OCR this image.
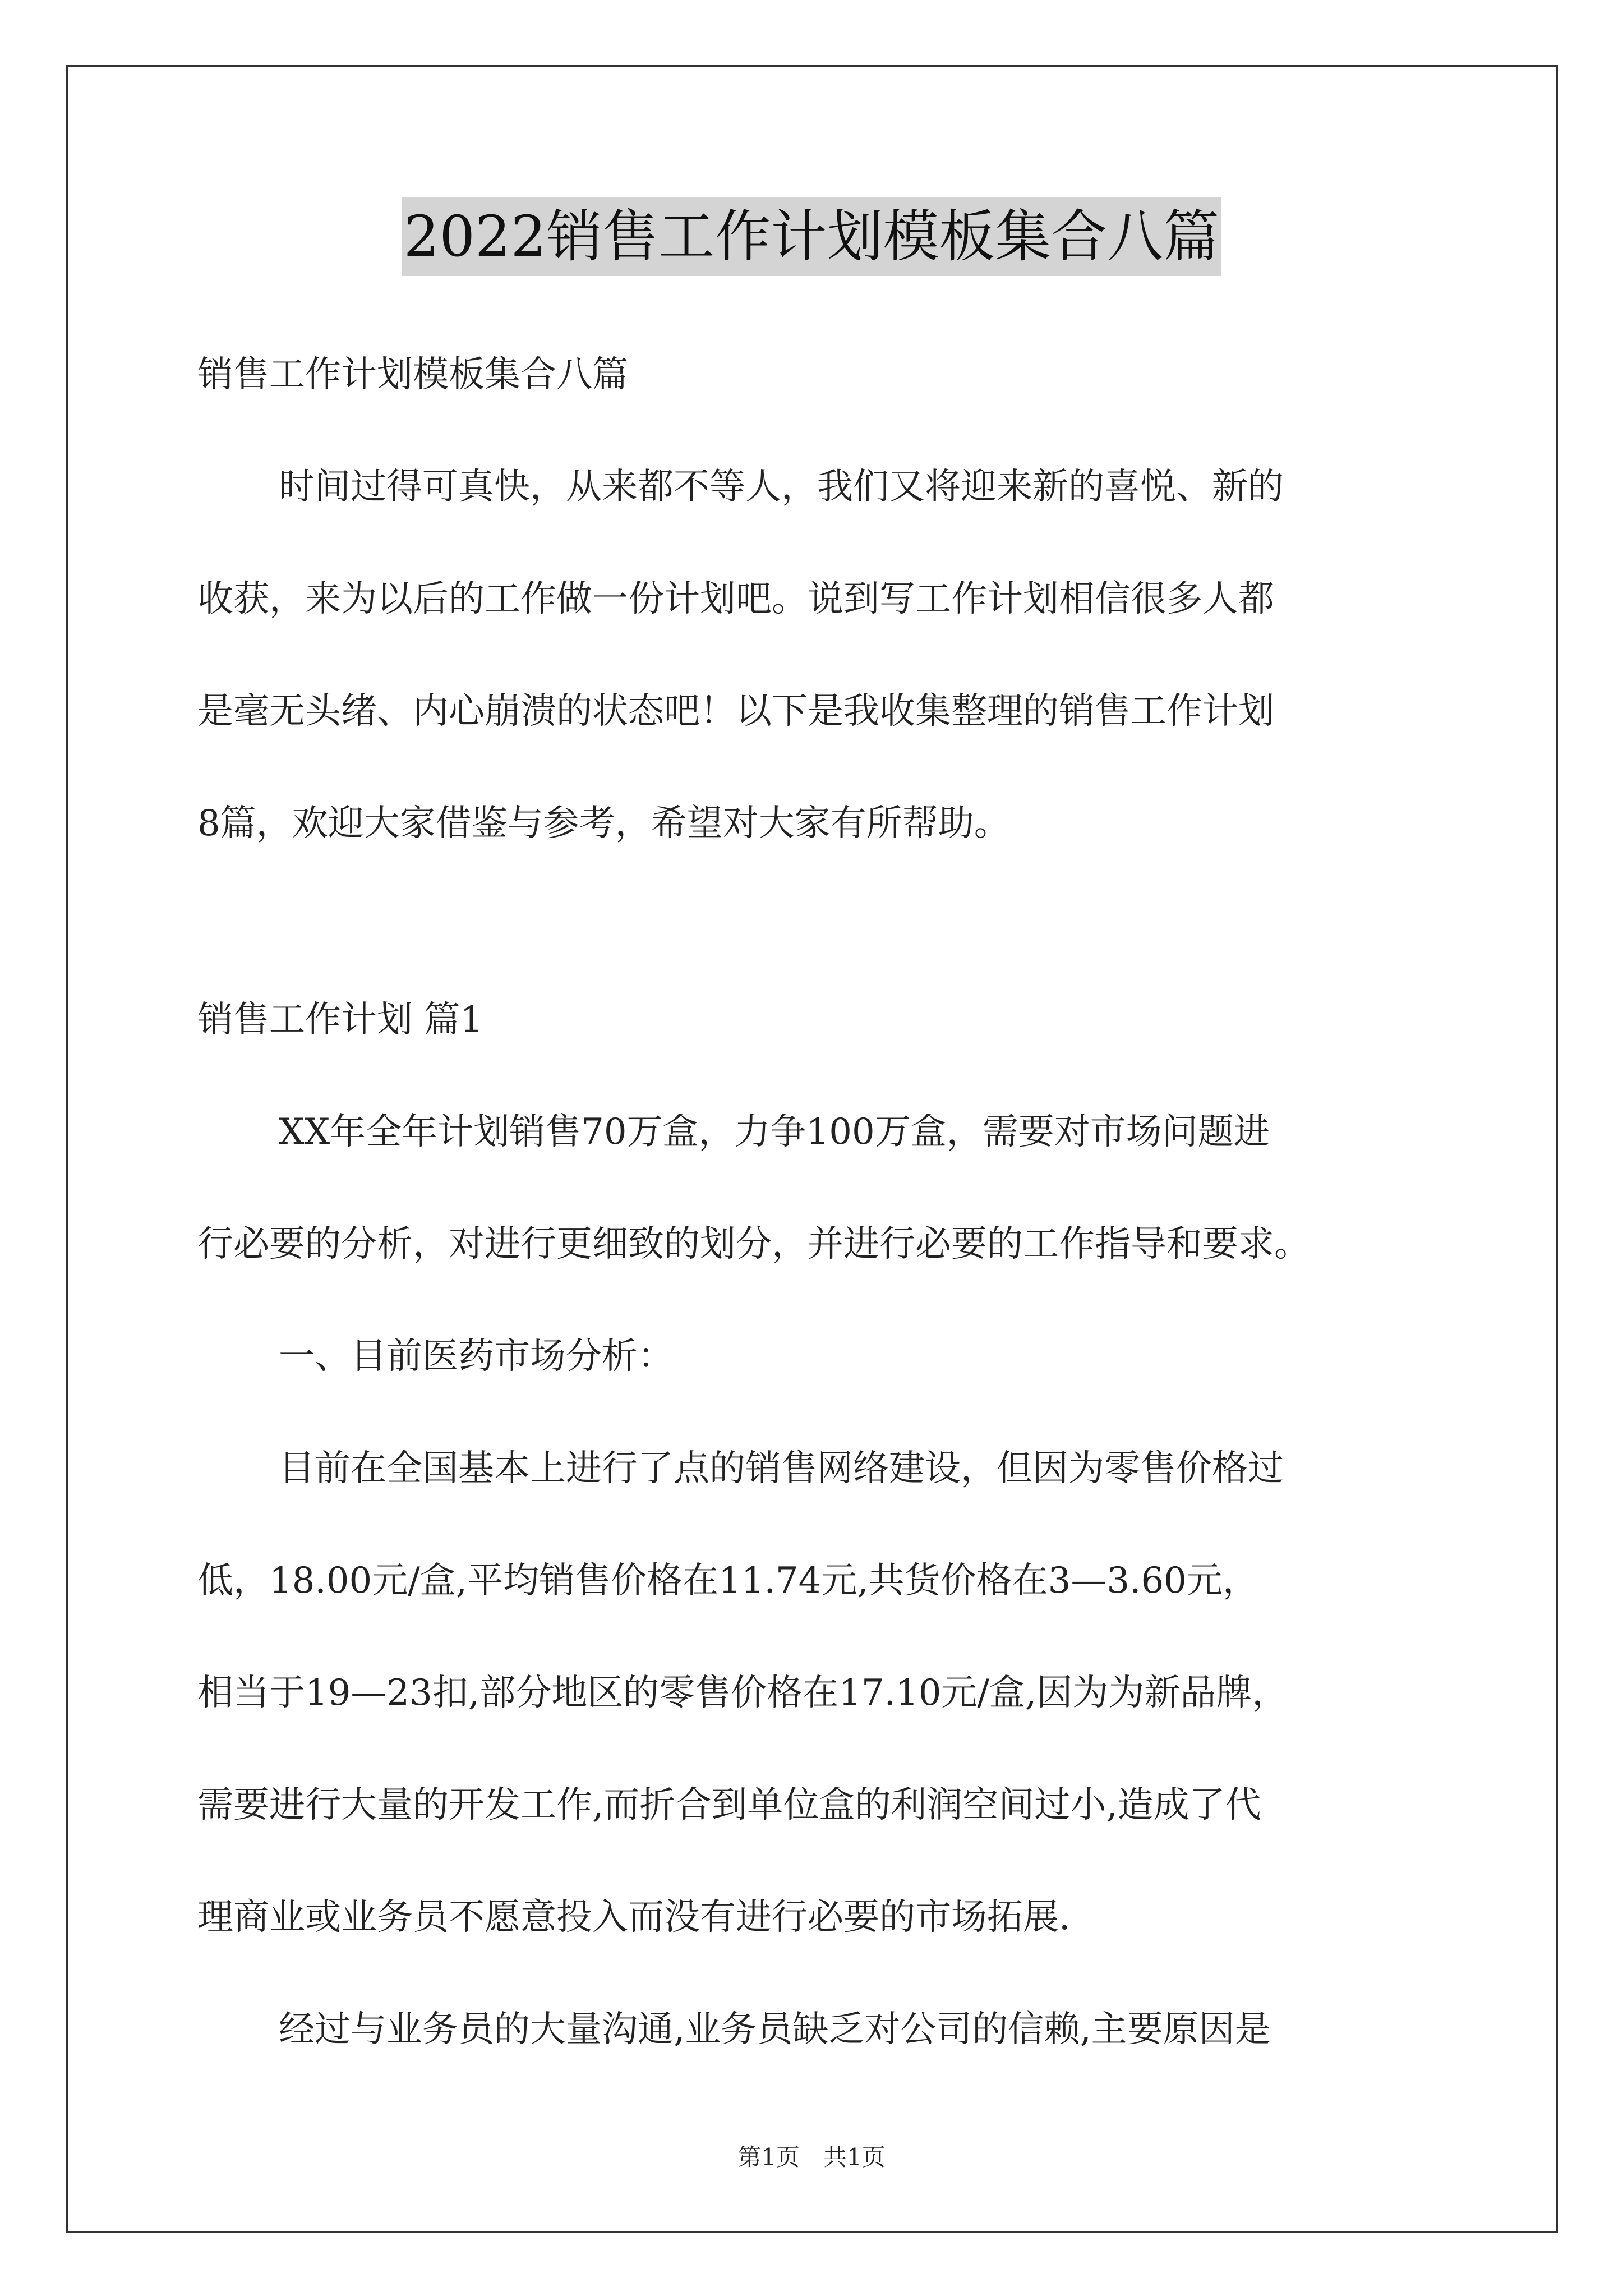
2022销售工作计划模板集合八篇
销售工作计划模板集合八篇
时间过得可真快，从来都不等人，我们又将迎来新的喜悦、新的
收获，来为以后的工作做一份计划吧。说到写工作计划相信很多人都
是毫无头绪、内心崩溃的状态吧！以下是我收集整理的销售工作计划
8篇，欢迎大家借鉴与参考，希望对大家有所帮助。
销售工作计划 篇1
XX年全年计划销售70万盒，力争100万盒，需要对市场问题进
行必要的分析，对进行更细致的划分，并进行必要的工作指导和要求。
一、目前医药市场分析：
目前在全国基本上进行了点的销售网络建设，但因为零售价格过
低，18.00元/盒,平均销售价格在11.74元,共货价格在3—3.60元，
相当于19—23扣,部分地区的零售价格在17.10元/盒,因为为新品牌，
需要进行大量的开发工作,而折合到单位盒的利润空间过小,造成了代
理商业或业务员不愿意投入而没有进行必要的市场拓展.
经过与业务员的大量沟通,业务员缺乏对公司的信赖,主要原因是
第1页　共1页
